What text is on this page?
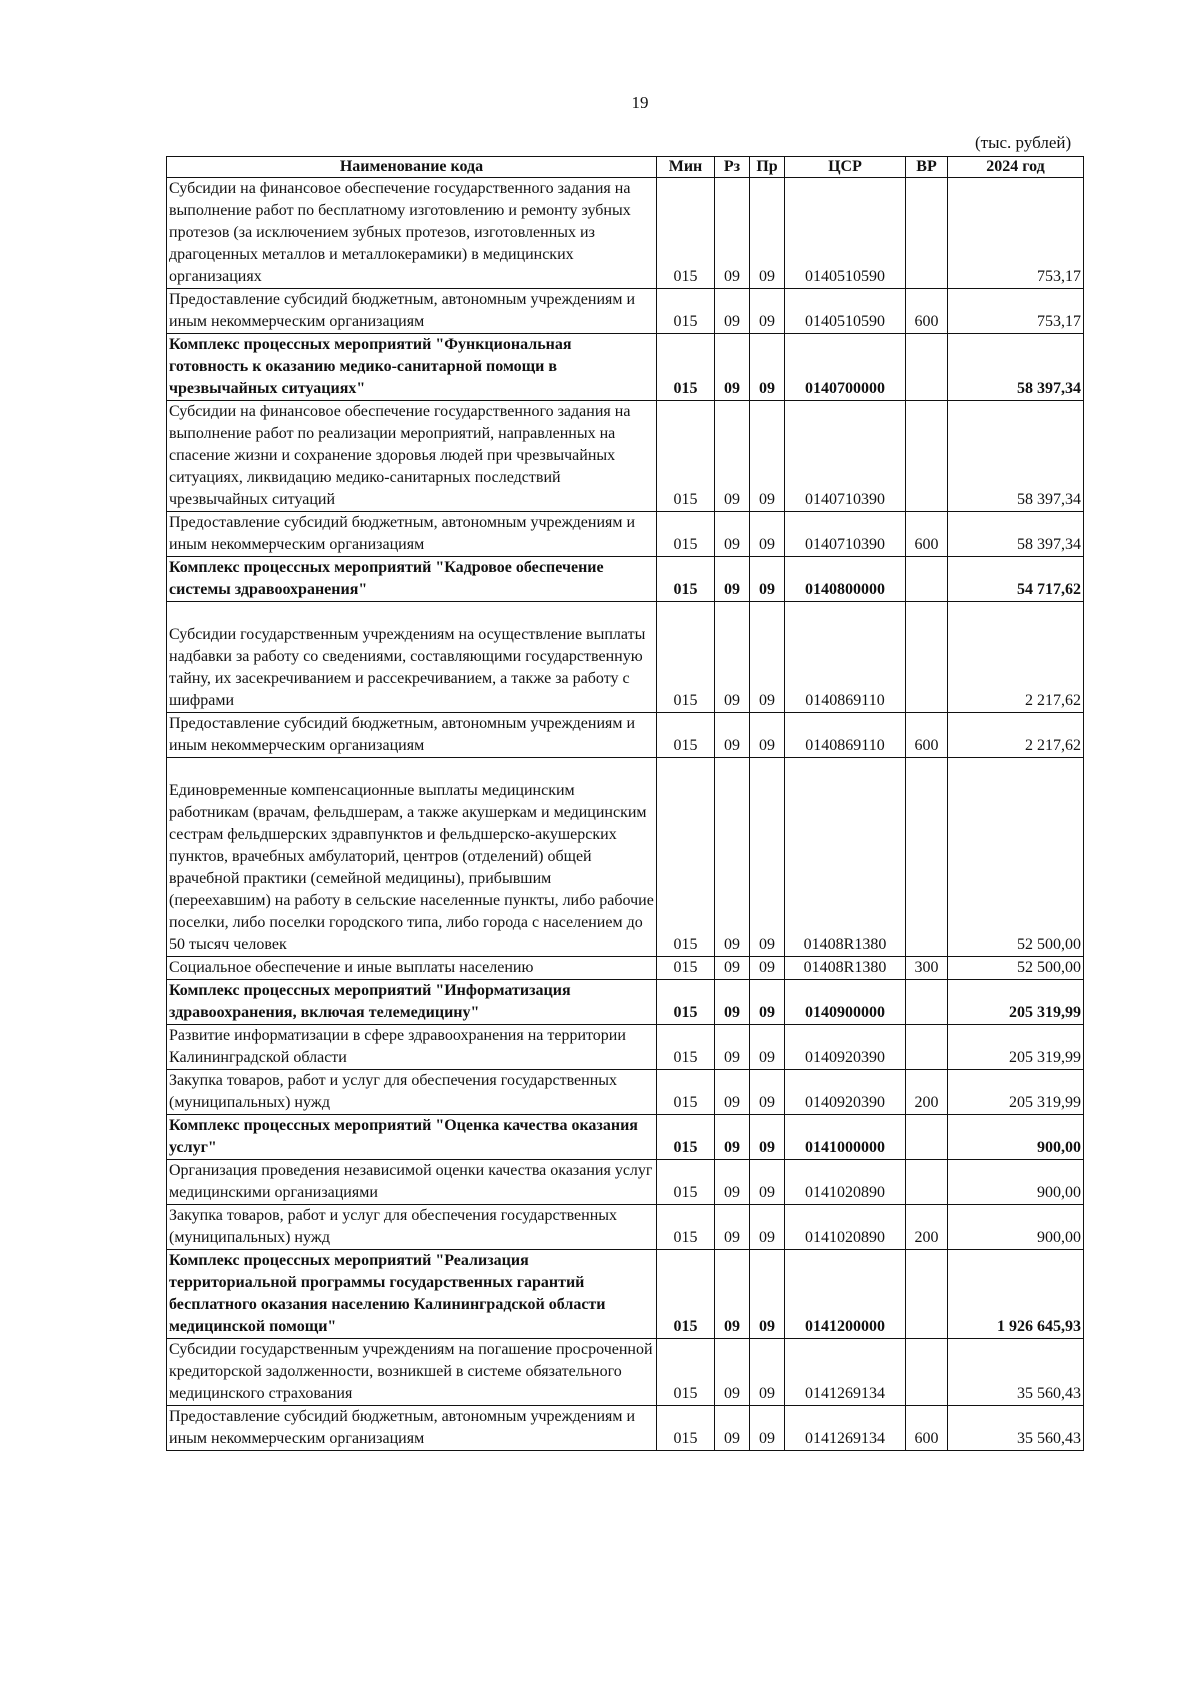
19
(тыс. рублей)
Наименование кода	Мин	Рз	Пр	ЦСР	ВР	2024 год
Субсидии на финансовое обеспечение государственного задания на выполнение работ по бесплатному изготовлению и ремонту зубных протезов (за исключением зубных протезов, изготовленных из драгоценных металлов и металлокерамики) в медицинских организациях	015	09	09	0140510590		753,17
Предоставление субсидий бюджетным, автономным учреждениям и иным некоммерческим организациям	015	09	09	0140510590	600	753,17
Комплекс процессных мероприятий "Функциональная готовность к оказанию медико-санитарной помощи в чрезвычайных ситуациях"	015	09	09	0140700000		58 397,34
Субсидии на финансовое обеспечение государственного задания на выполнение работ по реализации мероприятий, направленных на спасение жизни и сохранение здоровья людей при чрезвычайных ситуациях, ликвидацию медико-санитарных последствий чрезвычайных ситуаций	015	09	09	0140710390		58 397,34
Предоставление субсидий бюджетным, автономным учреждениям и иным некоммерческим организациям	015	09	09	0140710390	600	58 397,34
Комплекс процессных мероприятий "Кадровое обеспечение системы здравоохранения"	015	09	09	0140800000		54 717,62
Субсидии государственным учреждениям на осуществление выплаты надбавки за работу со сведениями, составляющими государственную тайну, их засекречиванием и рассекречиванием, а также за работу с шифрами	015	09	09	0140869110		2 217,62
Предоставление субсидий бюджетным, автономным учреждениям и иным некоммерческим организациям	015	09	09	0140869110	600	2 217,62
Единовременные компенсационные выплаты медицинским работникам (врачам, фельдшерам, а также акушеркам и медицинским сестрам фельдшерских здравпунктов и фельдшерско-акушерских пунктов, врачебных амбулаторий, центров (отделений) общей врачебной практики (семейной медицины), прибывшим (переехавшим) на работу в сельские населенные пункты, либо рабочие поселки, либо поселки городского типа, либо города с населением до 50 тысяч человек	015	09	09	01408R1380		52 500,00
Социальное обеспечение и иные выплаты населению	015	09	09	01408R1380	300	52 500,00
Комплекс процессных мероприятий "Информатизация здравоохранения, включая телемедицину"	015	09	09	0140900000		205 319,99
Развитие информатизации в сфере здравоохранения на территории Калининградской области	015	09	09	0140920390		205 319,99
Закупка товаров, работ и услуг для обеспечения государственных (муниципальных) нужд	015	09	09	0140920390	200	205 319,99
Комплекс процессных мероприятий "Оценка качества оказания услуг"	015	09	09	0141000000		900,00
Организация проведения независимой оценки качества оказания услуг медицинскими организациями	015	09	09	0141020890		900,00
Закупка товаров, работ и услуг для обеспечения государственных (муниципальных) нужд	015	09	09	0141020890	200	900,00
Комплекс процессных мероприятий "Реализация территориальной программы государственных гарантий бесплатного оказания населению Калининградской области медицинской помощи"	015	09	09	0141200000		1 926 645,93
Субсидии государственным учреждениям на погашение просроченной кредиторской задолженности, возникшей в системе обязательного медицинского страхования	015	09	09	0141269134		35 560,43
Предоставление субсидий бюджетным, автономным учреждениям и иным некоммерческим организациям	015	09	09	0141269134	600	35 560,43
